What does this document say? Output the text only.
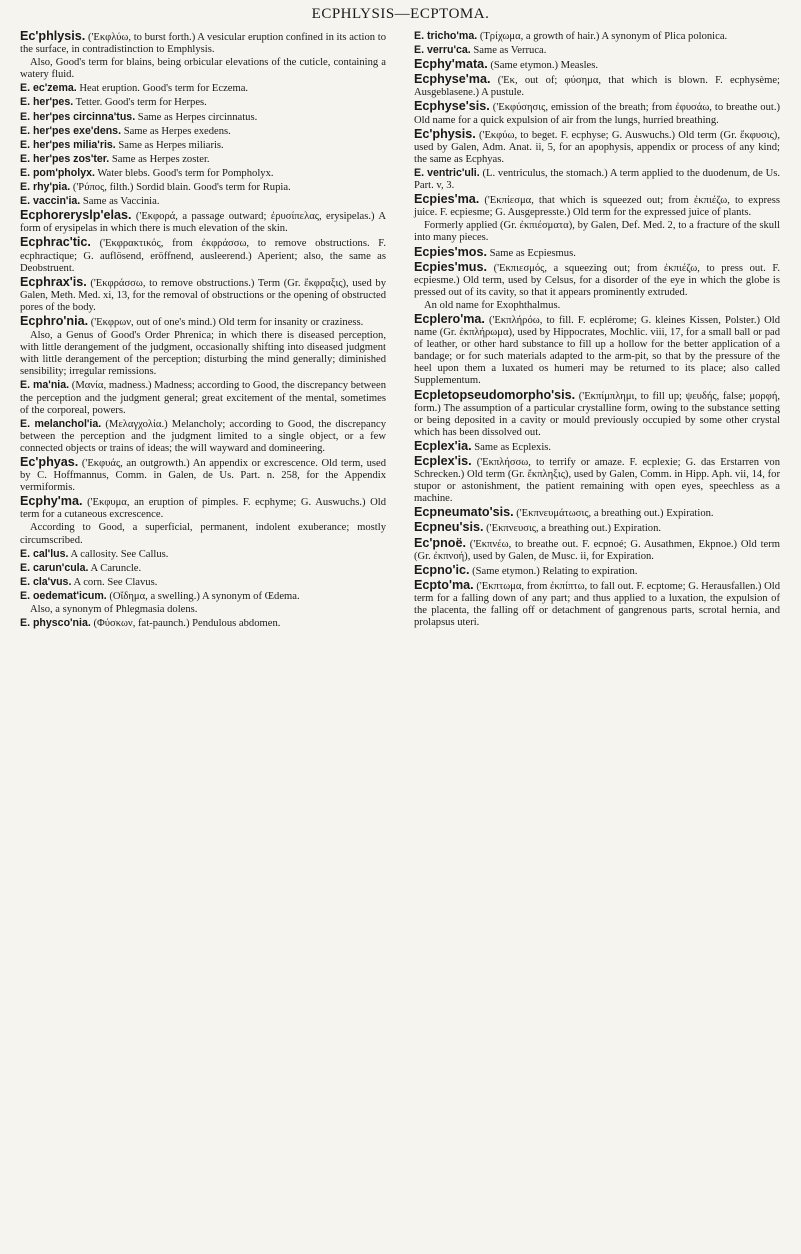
ECPHLYSIS—ECPTOMA.

Ec'phlysis. ('Εκφλύω, to burst forth.) A vesicular eruption confined in its action to the surface, in contradistinction to Emphlysis.

Also, Good's term for blains, being orbicular elevations of the cuticle, containing a watery fluid.

E. ec'zema. Heat eruption. Good's term for Eczema.

E. her'pes. Tetter. Good's term for Herpes.

E. her'pes circinna'tus. Same as Herpes circinnatus.

E. her'pes exe'dens. Same as Herpes exedens.

E. her'pes milia'ris. Same as Herpes miliaris.

E. her'pes zos'ter. Same as Herpes zoster.

E. pom'pholyx. Water blebs. Good's term for Pompholyx.

E. rhy'pia. ('Ρύπος, filth.) Sordid blain. Good's term for Rupia.

E. vaccin'ia. Same as Vaccinia.

Ecphoreryslp'elas. ('Εκφορά, a passage outward; ἐρυσίπελας, erysipelas.) A form of erysipelas in which there is much elevation of the skin.

Ecphrac'tic. ('Εκφρακτικός, from ἐκφράσσω, to remove obstructions. F. ecphractique; G. auflösend, eröffnend, ausleerend.) Aperient; also, the same as Deobstruent.

Ecphrax'is. ('Εκφράσσω, to remove obstructions.) Term (Gr. ἔκφραξις), used by Galen, Meth. Med. xi, 13, for the removal of obstructions or the opening of obstructed pores of the body.

Ecphro'nia. ('Εκφρων, out of one's mind.) Old term for insanity or craziness.

Also, a Genus of Good's Order Phrenica; in which there is diseased perception, with little derangement of the judgment, occasionally shifting into diseased judgment with little derangement of the perception; disturbing the mind generally; diminished sensibility; irregular remissions.

E. ma'nia. (Μανία, madness.) Madness; according to Good, the discrepancy between the perception and the judgment general; great excitement of the mental, sometimes of the corporeal, powers.

E. melanchol'ia. (Μελαγχολία.) Melancholy; according to Good, the discrepancy between the perception and the judgment limited to a single object, or a few connected objects or trains of ideas; the will wayward and domineering.

Ec'phyas. ('Εκφυάς, an outgrowth.) An appendix or excrescence. Old term, used by C. Hoffmannus, Comm. in Galen, de Us. Part. n. 258, for the Appendix vermiformis.

Ecphy'ma. ('Εκφυμα, an eruption of pimples. F. ecphyme; G. Auswuchs.) Old term for a cutaneous excrescence.

According to Good, a superficial, permanent, indolent exuberance; mostly circumscribed.

E. cal'lus. A callosity. See Callus.

E. carun'cula. A Caruncle.

E. cla'vus. A corn. See Clavus.

E. oedemat'icum. (Οἴδημα, a swelling.) A synonym of Œdema.

Also, a synonym of Phlegmasia dolens.

E. physco'nia. (Φύσκων, fat-paunch.) Pendulous abdomen.

E. tricho'ma. (Τρίχωμα, a growth of hair.) A synonym of Plica polonica.

E. verru'ca. Same as Verruca.

Ecphy'mata. (Same etymon.) Measles.

Ecphyse'ma. ('Εκ, out of; φύσημα, that which is blown. F. ecphysème; Ausgeblasene.) A pustule.

Ecphyse'sis. ('Εκφύσησις, emission of the breath; from ἐφυσάω, to breathe out.) Old name for a quick expulsion of air from the lungs, hurried breathing.

Ec'physis. ('Εκφύω, to beget. F. ecphyse; G. Auswuchs.) Old term (Gr. ἔκφυσις), used by Galen, Adm. Anat. ii, 5, for an apophysis, appendix or process of any kind; the same as Ecphyas.

E. ventric'uli. (L. ventriculus, the stomach.) A term applied to the duodenum, de Us. Part. v, 3.

Ecpies'ma. ('Εκπίεσμα, that which is squeezed out; from ἐκπιέζω, to express juice. F. ecpiesme; G. Ausgepresste.) Old term for the expressed juice of plants.

Formerly applied (Gr. ἐκπιέσματα), by Galen, Def. Med. 2, to a fracture of the skull into many pieces.

Ecpies'mos. Same as Ecpiesmus.

Ecpies'mus. ('Εκπιεσμός, a squeezing out; from ἐκπιέζω, to press out. F. ecpiesme.) Old term, used by Celsus, for a disorder of the eye in which the globe is pressed out of its cavity, so that it appears prominently extruded.

An old name for Exophthalmus.

Ecplero'ma. ('Εκπλήρόω, to fill. F. ecplérome; G. kleines Kissen, Polster.) Old name (Gr. ἐκπλήρωμα), used by Hippocrates, Mochlic. viii, 17, for a small ball or pad of leather, or other hard substance to fill up a hollow for the better application of a bandage; or for such materials adapted to the arm-pit, so that by the pressure of the heel upon them a luxated os humeri may be returned to its place; also called Supplementum.

Ecpletopseudomorpho'sis. ('Εκπίμπλημι, to fill up; ψευδής, false; μορφή, form.) The assumption of a particular crystalline form, owing to the substance setting or being deposited in a cavity or mould previously occupied by some other crystal which has been dissolved out.

Ecplex'ia. Same as Ecplexis.

Ecplex'is. ('Εκπλήσσω, to terrify or amaze. F. ecplexie; G. das Erstarren von Schrecken.) Old term (Gr. ἔκπληξις), used by Galen, Comm. in Hipp. Aph. vii, 14, for stupor or astonishment, the patient remaining with open eyes, speechless as a machine.

Ecpneumato'sis. ('Εκπνευμάτωσις, a breathing out.) Expiration.

Ecpneu'sis. ('Εκπνευσις, a breathing out.) Expiration.

Ec'pnoë. ('Εκπνέω, to breathe out. F. ecpnoé; G. Ausathmen, Ekpnoe.) Old term (Gr. ἐκπνοή), used by Galen, de Musc. ii, for Expiration.

Ecpno'ic. (Same etymon.) Relating to expiration.

Ecpto'ma. ('Εκπτωμα, from ἐκπίπτω, to fall out. F. ecptome; G. Herausfallen.) Old term for a falling down of any part; and thus applied to a luxation, the expulsion of the placenta, the falling off or detachment of gangrenous parts, scrotal hernia, and prolapsus uteri.
